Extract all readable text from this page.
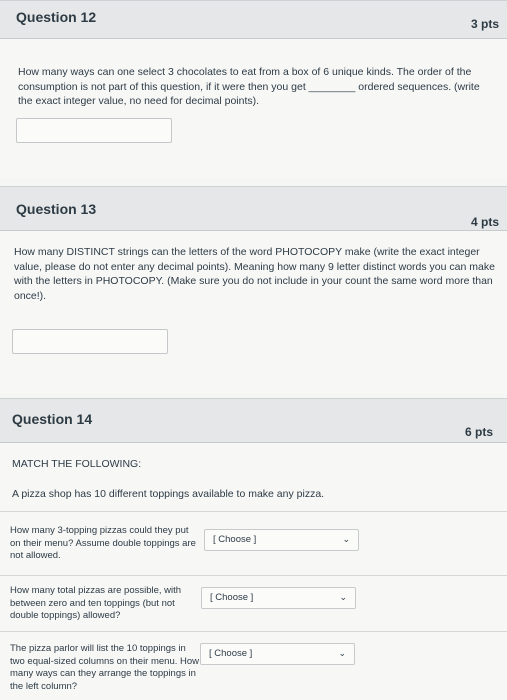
Question 12	3 pts
How many ways can one select 3 chocolates to eat from a box of 6 unique kinds. The order of the consumption is not part of this question, if it were then you get ________ ordered sequences. (write the exact integer value, no need for decimal points).
Question 13
4 pts
How many DISTINCT strings can the letters of the word PHOTOCOPY make (write the exact integer value, please do not enter any decimal points). Meaning how many 9 letter distinct words you can make with the letters in PHOTOCOPY. (Make sure you do not include in your count the same word more than once!).
Question 14
6 pts
MATCH THE FOLLOWING:
A pizza shop has 10 different toppings available to make any pizza.
How many 3-topping pizzas could they put on their menu? Assume double toppings are not allowed.
[ Choose ]	⌄
How many total pizzas are possible, with between zero and ten toppings (but not double toppings) allowed?
[ Choose ]	⌄
The pizza parlor will list the 10 toppings in two equal-sized columns on their menu. How many ways can they arrange the toppings in the left column?
[ Choose ]	⌄
